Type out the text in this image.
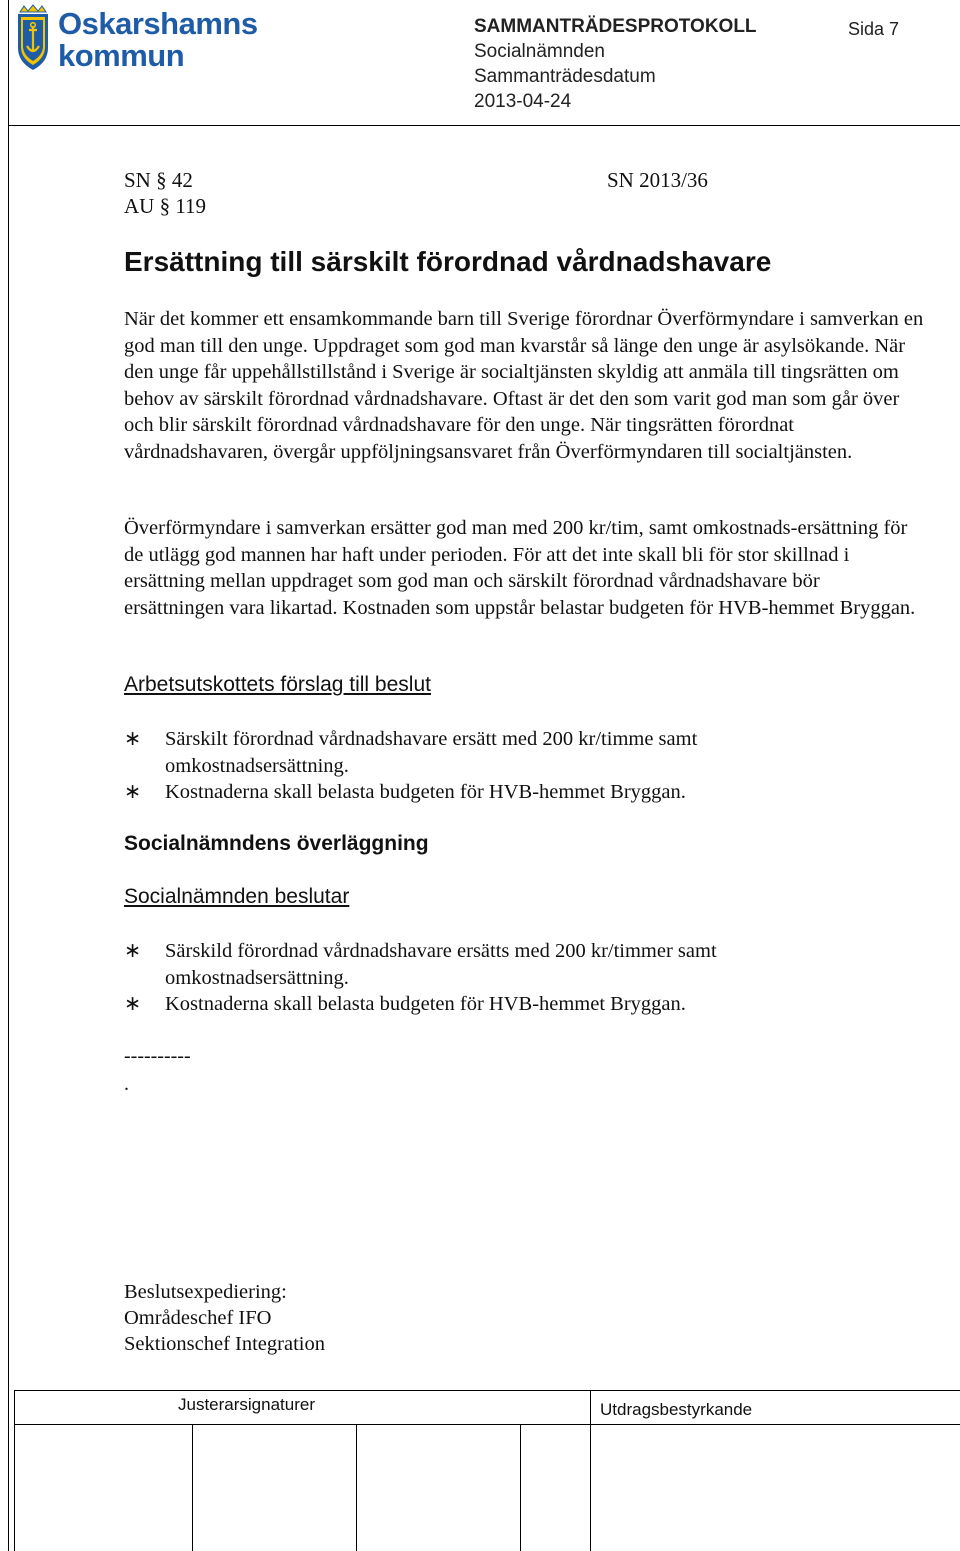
Oskarshamns
kommun
SAMMANTRÄDESPROTOKOLL	Sida 7
Socialnämnden
Sammanträdesdatum
2013-04-24
SN § 42	SN 2013/36
AU § 119
Ersättning till särskilt förordnad vårdnadshavare
När det kommer ett ensamkommande barn till Sverige förordnar Överförmyndare i samverkan en god man till den unge. Uppdraget som god man kvarstår så länge den unge är asylsökande. När den unge får uppehållstillstånd i Sverige är socialtjänsten skyldig att anmäla till tingsrätten om behov av särskilt förordnad vårdnadshavare. Oftast är det den som varit god man som går över och blir särskilt förordnad vårdnadshavare för den unge. När tingsrätten förordnat vårdnadshavaren, övergår uppföljningsansvaret från Överförmyndaren till socialtjänsten.
Överförmyndare i samverkan ersätter god man med 200 kr/tim, samt omkostnads-ersättning för de utlägg god mannen har haft under perioden. För att det inte skall bli för stor skillnad i ersättning mellan uppdraget som god man och särskilt förordnad vårdnadshavare bör ersättningen vara likartad. Kostnaden som uppstår belastar budgeten för HVB-hemmet Bryggan.
Arbetsutskottets förslag till beslut
∗	Särskilt förordnad vårdnadshavare ersätt med 200 kr/timme samt omkostnadsersättning.
∗	Kostnaderna skall belasta budgeten för HVB-hemmet Bryggan.
Socialnämndens överläggning
Socialnämnden beslutar
∗	Särskild förordnad vårdnadshavare ersätts med 200 kr/timmer samt omkostnadsersättning.
∗	Kostnaderna skall belasta budgeten för HVB-hemmet Bryggan.
----------
.
Beslutsexpediering:
Områdeschef IFO
Sektionschef Integration
Justerarsignaturer	Utdragsbestyrkande
